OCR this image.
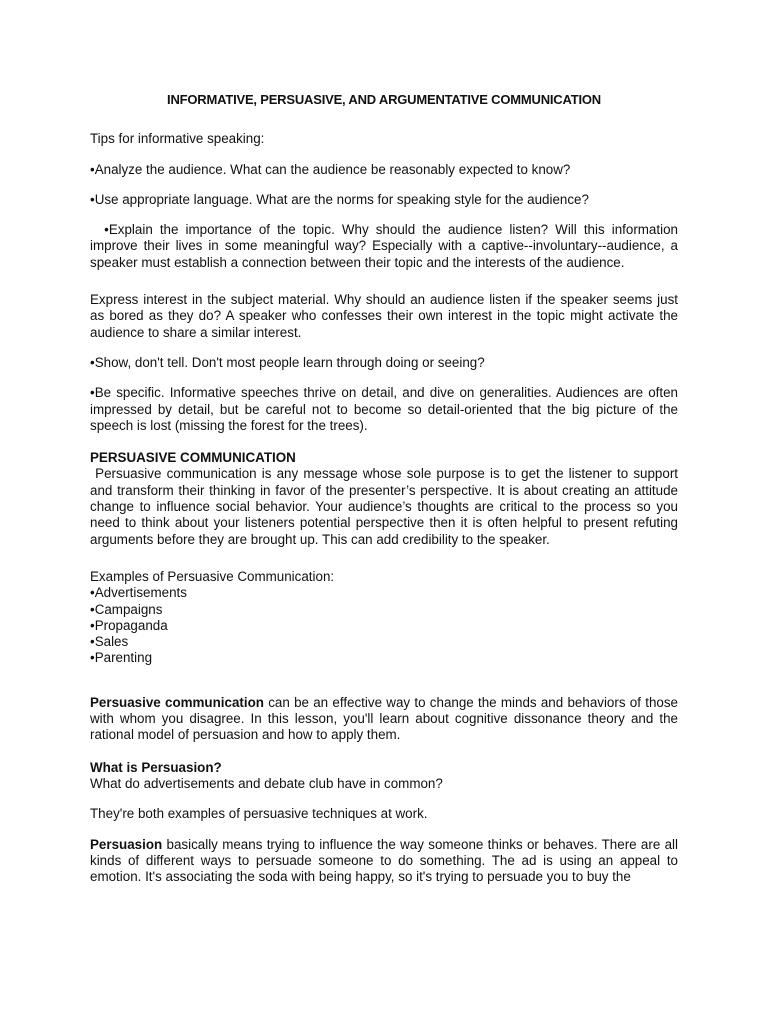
INFORMATIVE, PERSUASIVE, AND ARGUMENTATIVE COMMUNICATION

Tips for informative speaking:

•Analyze the audience. What can the audience be reasonably expected to know?

•Use appropriate language. What are the norms for speaking style for the audience?

•Explain the importance of the topic. Why should the audience listen? Will this information improve their lives in some meaningful way? Especially with a captive--involuntary--audience, a speaker must establish a connection between their topic and the interests of the audience.

Express interest in the subject material. Why should an audience listen if the speaker seems just as bored as they do? A speaker who confesses their own interest in the topic might activate the audience to share a similar interest.

•Show, don't tell. Don't most people learn through doing or seeing?

•Be specific. Informative speeches thrive on detail, and dive on generalities. Audiences are often impressed by detail, but be careful not to become so detail-oriented that the big picture of the speech is lost (missing the forest for the trees).

PERSUASIVE COMMUNICATION

Persuasive communication is any message whose sole purpose is to get the listener to support and transform their thinking in favor of the presenter’s perspective. It is about creating an attitude change to influence social behavior. Your audience’s thoughts are critical to the process so you need to think about your listeners potential perspective then it is often helpful to present refuting arguments before they are brought up. This can add credibility to the speaker.

Examples of Persuasive Communication:

•Advertisements
•Campaigns
•Propaganda
•Sales
•Parenting

Persuasive communication can be an effective way to change the minds and behaviors of those with whom you disagree. In this lesson, you'll learn about cognitive dissonance theory and the rational model of persuasion and how to apply them.

What is Persuasion?

What do advertisements and debate club have in common?

They're both examples of persuasive techniques at work.

Persuasion basically means trying to influence the way someone thinks or behaves. There are all kinds of different ways to persuade someone to do something. The ad is using an appeal to emotion. It's associating the soda with being happy, so it's trying to persuade you to buy the
